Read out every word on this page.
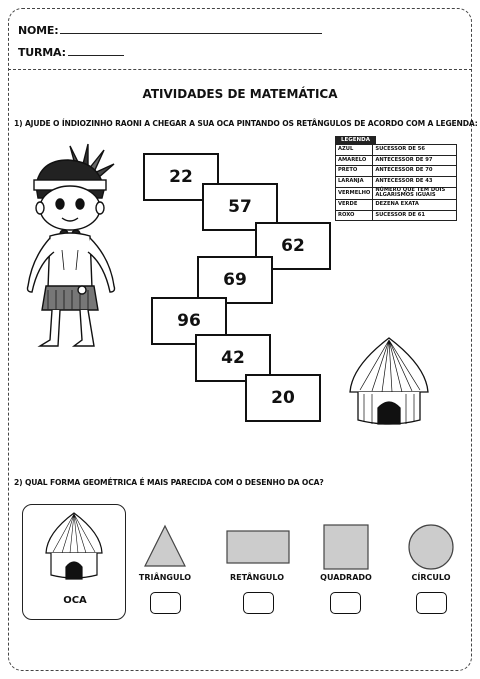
NOME:
TURMA:
ATIVIDADES DE MATEMÁTICA
1) AJUDE O ÍNDIOZINHO RAONI A CHEGAR A SUA OCA PINTANDO OS RETÂNGULOS DE ACORDO COM A LEGENDA:
22
57
62
69
96
42
20
LEGENDA
AZUL	SUCESSOR DE 56
AMARELO	ANTECESSOR DE 97
PRETO	ANTECESSOR DE 70
LARANJA	ANTECESSOR DE 43
VERMELHO	NÚMERO QUE TEM DOIS ALGARISMOS IGUAIS
VERDE	DEZENA EXATA
ROXO	SUCESSOR DE 61
2) QUAL FORMA GEOMÉTRICA É MAIS PARECIDA COM O DESENHO DA OCA?
OCA
TRIÂNGULO	RETÂNGULO	QUADRADO	CÍRCULO
